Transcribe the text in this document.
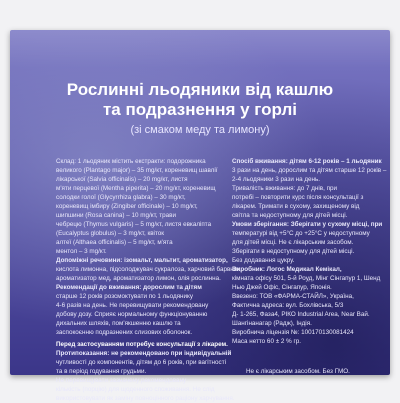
Рослинні льодяники від кашлю
та подразнення у горлі
(зі смаком меду та лимону)

Склад: 1 льодяник містить екстракти: подорожника

великого (Plantago major) – 35 mg/кт, кореневищ шавлії

лікарської (Salvia officinalis) – 20 mg/кт, листя

м'яти перцевої (Mentha piperita) – 20 mg/кт, кореневищ

солодки голої (Glycyrrhiza glabra) – 30 mg/кт,

кореневищ імбиру (Zingiber officinale) – 10 mg/кт,

шипшини (Rosa canina) – 10 mg/кт, трави

чебрецю (Thymus vulgaris) – 5 mg/кт, листя евкаліпта

(Eucalyptus globulus) – 3 mg/кт, квіток

алтеї (Althaea officinalis) – 5 mg/кт, м'ята

ментол – 3 mg/кт.

Допоміжні речовини: ізомальт, мальтит, ароматизатор,

кислота лимонна, підсолоджувач сукралоза, харчовий барвник,

ароматизатор мед, ароматизатор лимон, олія рослинна.

Рекомендації до вживання: дорослим та дітям

старше 12 років розсмоктувати по 1 льодянику

4-6 разів на день. Не перевищувати рекомендовану

добову дозу. Сприяє нормальному функціонуванню

дихальних шляхів, пом'якшенню кашлю та

заспокоєнню подразнених слизових оболонок.

Перед застосуванням потребує консультації з лікарем.

Протипоказання: не рекомендовано при індивідуальній

чутливості до компонентів, дітям до 6 років, при вагітності

та в період годування грудьми.

Не перевищувати зазначену рекомендовану

кількість (порцію) для щоденного споживання. Не слід

використовувати як заміну повноцінного раціону харчування.

Спосіб вживання: дітям 6-12 років – 1 льодяник

3 рази на день, дорослим та дітям старше 12 років –

2-4 льодяники 3 рази на день.

Тривалість вживання: до 7 днів, при

потребі – повторити курс після консультації з

лікарем. Тримати в сухому, захищеному від

світла та недоступному для дітей місці.

Умови зберігання: Зберігати у сухому місці, при

температурі від +5°С до +25°С у недоступному

для дітей місці. Не є лікарським засобом.

Зберігати в недоступному для дітей місці.

Без додавання цукру.

Виробник: Логос Медикал Кемікал,

кімната офісу 501, 5-й Роуд, Мінг Сінгапур 1, Шенд

Нью Джей Офіс, Сінгапур, Японія.

Ввезено: ТОВ «ФАРМА-СТАЙЛ», Україна,

Фактична адреса: вул. Бохлівська, 5/3

Д- 1-265, Фаза4, РІКО Industrial Area, Near Вай.

Шангінанагар (Радж), Індія.

Виробнича ліцензія №: 100170130081424

Маса нетто 60 ± 2 % гр.

Не є лікарським засобом. Без ГМО.
